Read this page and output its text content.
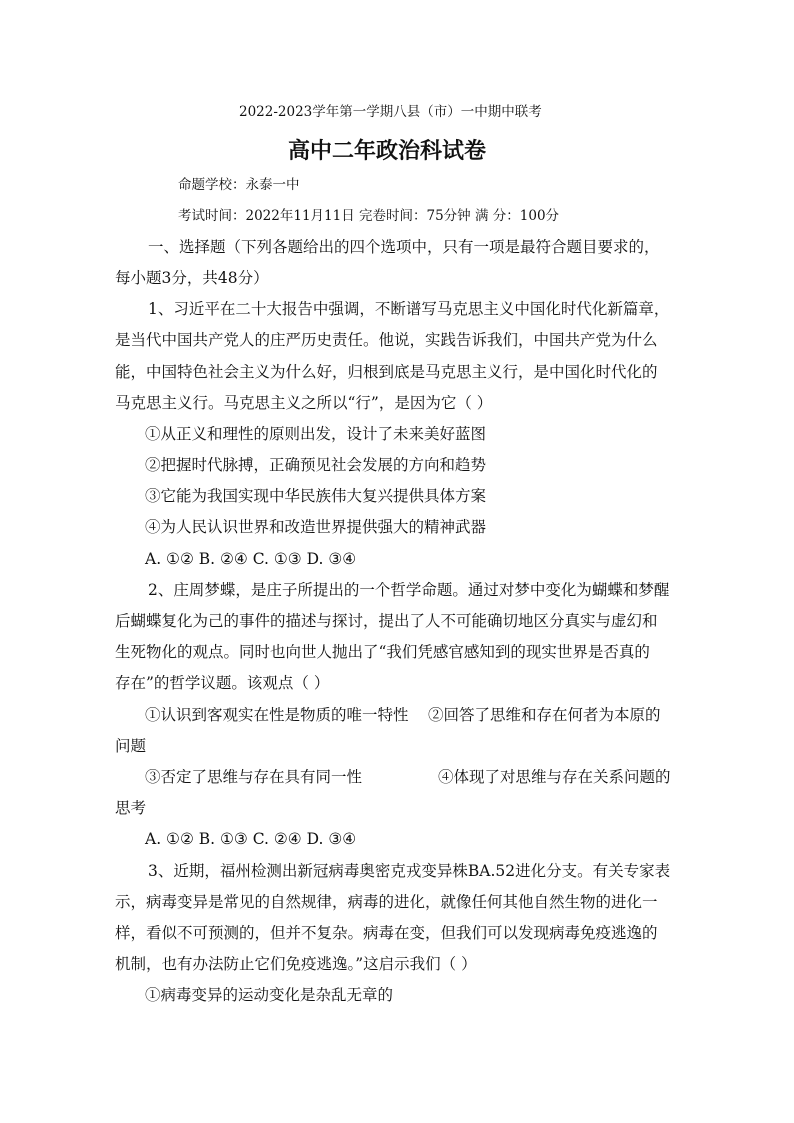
2022-2023学年第一学期八县（市）一中期中联考
高中二年政治科试卷
命题学校：永泰一中
考试时间：2022年11月11日 完卷时间：75分钟 满 分：100分
一、选择题（下列各题给出的四个选项中，只有一项是最符合题目要求的，
每小题3分，共48分）
1、习近平在二十大报告中强调，不断谱写马克思主义中国化时代化新篇章，
是当代中国共产党人的庄严历史责任。他说，实践告诉我们，中国共产党为什么
能，中国特色社会主义为什么好，归根到底是马克思主义行，是中国化时代化的
马克思主义行。马克思主义之所以“行”，是因为它（ ）
①从正义和理性的原则出发，设计了未来美好蓝图
②把握时代脉搏，正确预见社会发展的方向和趋势
③它能为我国实现中华民族伟大复兴提供具体方案
④为人民认识世界和改造世界提供强大的精神武器
A. ①② B. ②④ C. ①③ D. ③④
2、庄周梦蝶，是庄子所提出的一个哲学命题。通过对梦中变化为蝴蝶和梦醒
后蝴蝶复化为己的事件的描述与探讨，提出了人不可能确切地区分真实与虚幻和
生死物化的观点。同时也向世人抛出了“我们凭感官感知到的现实世界是否真的
存在”的哲学议题。该观点（ ）
①认识到客观实在性是物质的唯一特性 ②回答了思维和存在何者为本原的
问题
③否定了思维与存在具有同一性	④体现了对思维与存在关系问题的
思考
A. ①② B. ①③ C. ②④ D. ③④
3、近期，福州检测出新冠病毒奥密克戎变异株BA.52进化分支。有关专家表
示，病毒变异是常见的自然规律，病毒的进化，就像任何其他自然生物的进化一
样，看似不可预测的，但并不复杂。病毒在变，但我们可以发现病毒免疫逃逸的
机制，也有办法防止它们免疫逃逸。”这启示我们（ ）
①病毒变异的运动变化是杂乱无章的
